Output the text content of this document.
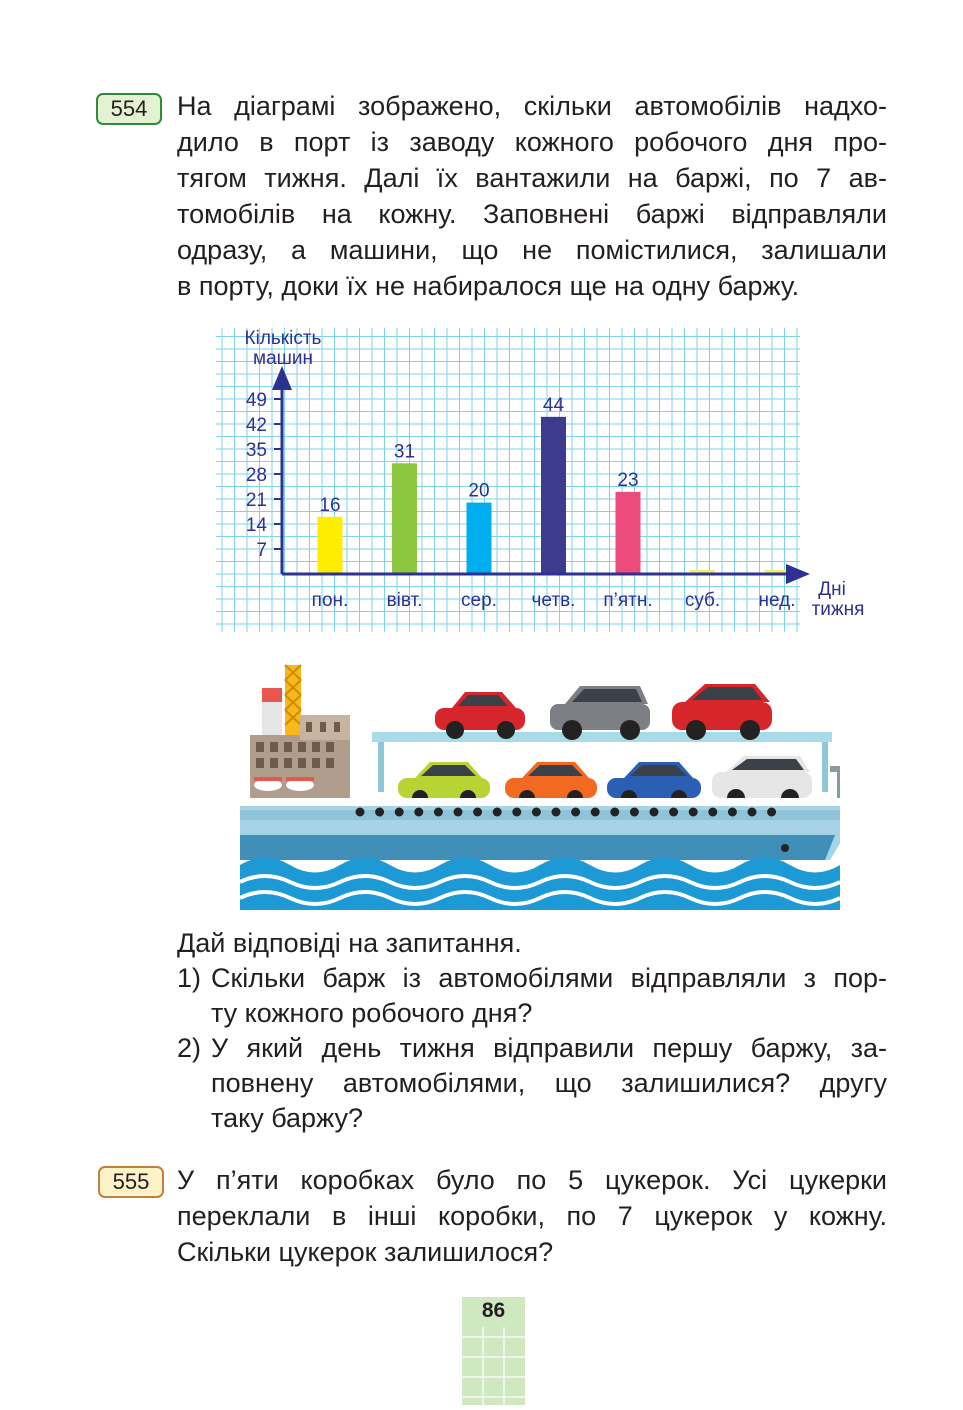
554	На діаграмі зображено, скільки автомобілів надхо-
дило в порт із заводу кожного робочого дня про-
тягом тижня. Далі їх вантажили на баржі, по 7 ав-
томобілів на кожну. Заповнені баржі відправляли
одразу, а машини, що не помістилися, залишали
в порту, доки їх не набиралося ще на одну баржу.

7
14
21
28
35
42
49
пон. вівт. сер. четв. п’ятн. суб. нед.
16
31
20
44
23
Кількість
машин
Дні
тижня
Дай відповіді на запитання.
1) Скільки барж із автомобілями відправляли з пор-
ту кожного робочого дня?
2) У який день тижня відправили першу баржу, за-
повнену автомобілями, що залишилися? другу
таку баржу?
555	У п’яти коробках було по 5 цукерок. Усі цукерки
переклали в інші коробки, по 7 цукерок у кожну.
Скільки цукерок залишилося?

86
